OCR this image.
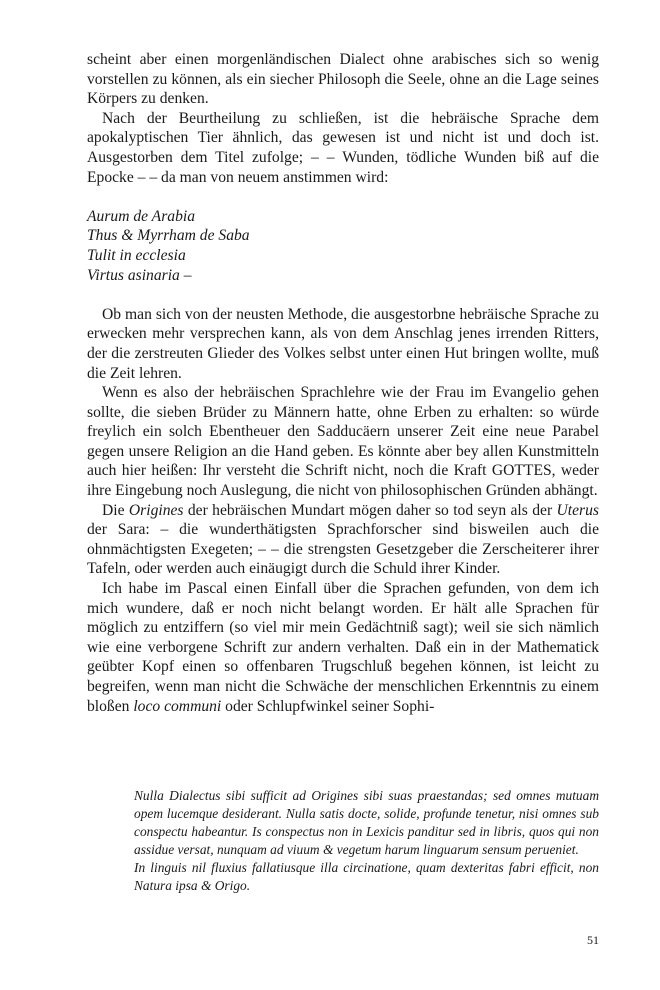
scheint aber einen morgenländischen Dialect ohne arabisches sich so wenig vorstellen zu können, als ein siecher Philosoph die Seele, ohne an die Lage seines Körpers zu denken.

Nach der Beurtheilung zu schließen, ist die hebräische Sprache dem apokalyptischen Tier ähnlich, das gewesen ist und nicht ist und doch ist. Ausgestorben dem Titel zufolge; – – Wunden, tödliche Wunden biß auf die Epocke – – da man von neuem anstimmen wird:

Aurum de Arabia
Thus & Myrrham de Saba
Tulit in ecclesia
Virtus asinaria –

Ob man sich von der neusten Methode, die ausgestorbne hebräische Sprache zu erwecken mehr versprechen kann, als von dem Anschlag jenes irrenden Ritters, der die zerstreuten Glieder des Volkes selbst unter einen Hut bringen wollte, muß die Zeit lehren.

Wenn es also der hebräischen Sprachlehre wie der Frau im Evangelio gehen sollte, die sieben Brüder zu Männern hatte, ohne Erben zu erhalten: so würde freylich ein solch Ebentheuer den Sadducäern unserer Zeit eine neue Parabel gegen unsere Religion an die Hand geben. Es könnte aber bey allen Kunstmitteln auch hier heißen: Ihr versteht die Schrift nicht, noch die Kraft GOTTES, weder ihre Eingebung noch Auslegung, die nicht von philosophischen Gründen abhängt.

Die Origines der hebräischen Mundart mögen daher so tod seyn als der Uterus der Sara: – die wunderthätigsten Sprachforscher sind bisweilen auch die ohnmächtigsten Exegeten; – – die strengsten Gesetzgeber die Zerscheiterer ihrer Tafeln, oder werden auch einäugigt durch die Schuld ihrer Kinder.

Ich habe im Pascal einen Einfall über die Sprachen gefunden, von dem ich mich wundere, daß er noch nicht belangt worden. Er hält alle Sprachen für möglich zu entziffern (so viel mir mein Gedächtniß sagt); weil sie sich nämlich wie eine verborgene Schrift zur andern verhalten. Daß ein in der Mathematick geübter Kopf einen so offenbaren Trugschluß begehen können, ist leicht zu begreifen, wenn man nicht die Schwäche der menschlichen Erkenntnis zu einem bloßen loco communi oder Schlupfwinkel seiner Sophi-

Nulla Dialectus sibi sufficit ad Origines sibi suas praestandas; sed omnes mutuam opem lucemque desiderant. Nulla satis docte, solide, profunde tenetur, nisi omnes sub conspectu habeantur. Is conspectus non in Lexicis panditur sed in libris, quos qui non assidue versat, nunquam ad viuum & vegetum harum linguarum sensum perueniet.

In linguis nil fluxius fallatiusque illa circinatione, quam dexteritas fabri efficit, non Natura ipsa & Origo.

51
